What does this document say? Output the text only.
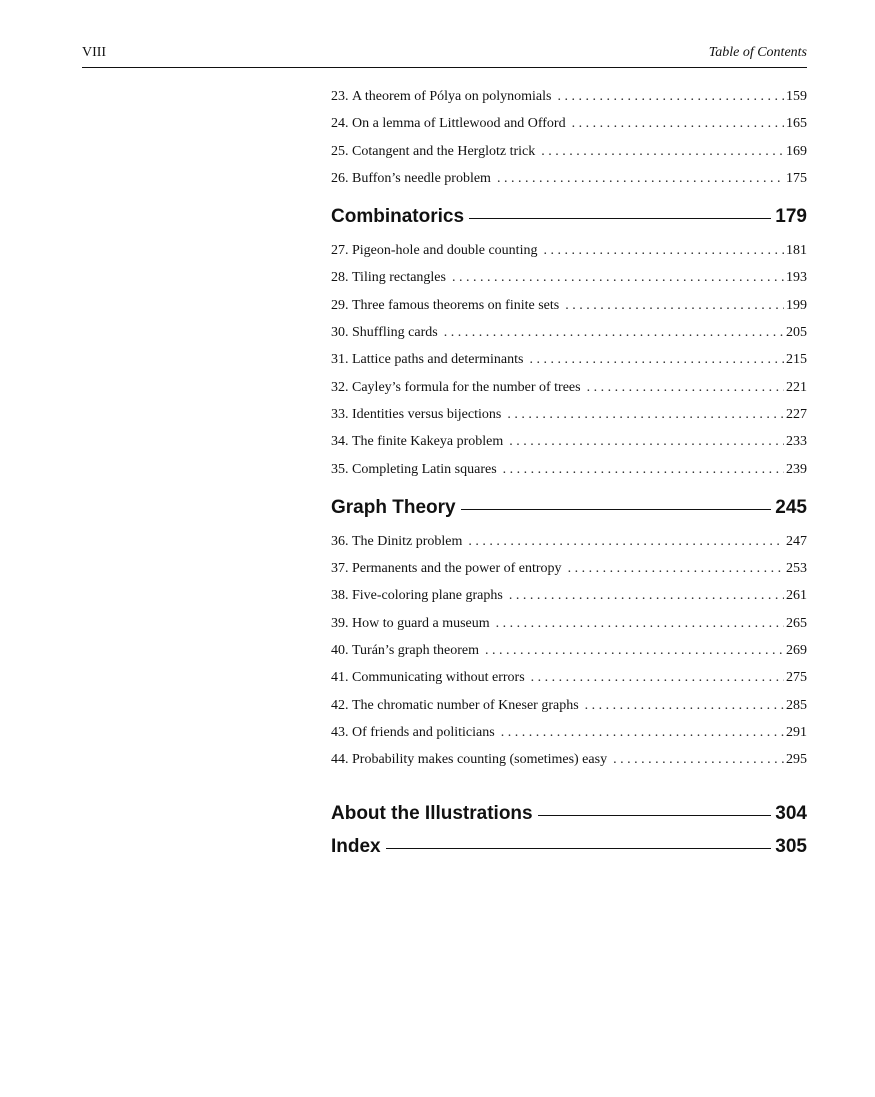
VIII	Table of Contents
23.
A theorem of Pólya on polynomials . . .	159
24.
On a lemma of Littlewood and Offord . . .	165
25.
Cotangent and the Herglotz trick . . .	169
26.
Buffon’s needle problem . . .	175
Combinatorics	179
27.
Pigeon-hole and double counting . . .	181
28.
Tiling rectangles . . .	193
29.
Three famous theorems on finite sets . . .	199
30.
Shuffling cards . . .	205
31.
Lattice paths and determinants . . .	215
32.
Cayley’s formula for the number of trees . . .	221
33.
Identities versus bijections . . .	227
34.
The finite Kakeya problem . . .	233
35.
Completing Latin squares . . .	239
Graph Theory	245
36.
The Dinitz problem . . .	247
37.
Permanents and the power of entropy . . .	253
38.
Five-coloring plane graphs . . .	261
39.
How to guard a museum . . .	265
40.
Turán’s graph theorem . . .	269
41.
Communicating without errors . . .	275
42.
The chromatic number of Kneser graphs . . .	285
43.
Of friends and politicians . . .	291
44.
Probability makes counting (sometimes) easy . . .	295
About the Illustrations	304
Index	305
